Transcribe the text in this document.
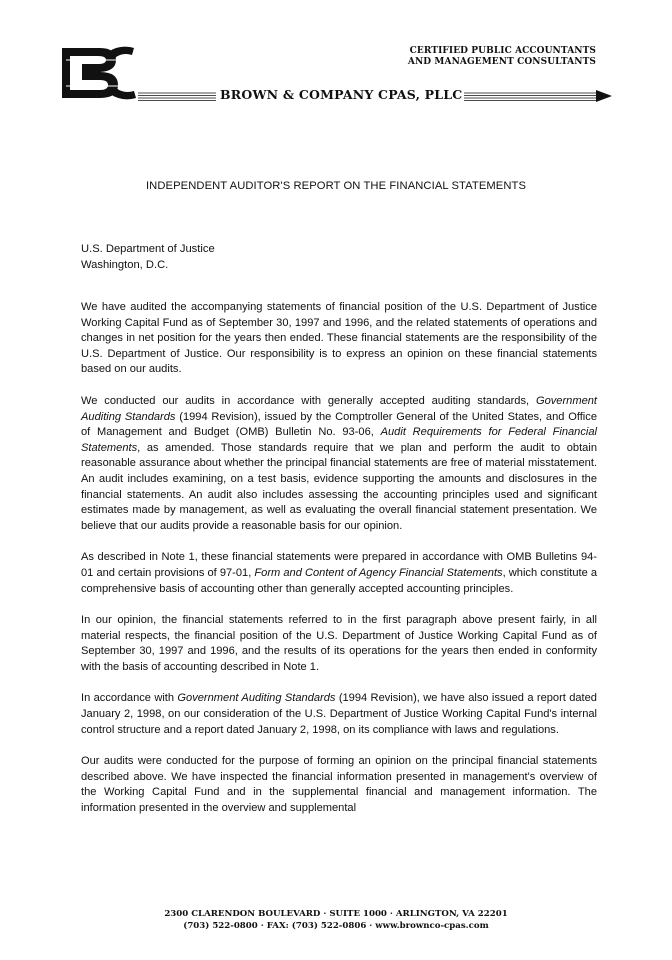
CERTIFIED PUBLIC ACCOUNTANTS
AND MANAGEMENT CONSULTANTS
BROWN & COMPANY CPAS, PLLC
INDEPENDENT AUDITOR'S REPORT ON THE FINANCIAL STATEMENTS
U.S. Department of Justice
Washington, D.C.

We have audited the accompanying statements of financial position of the U.S. Department of Justice Working Capital Fund as of September 30, 1997 and 1996, and the related statements of operations and changes in net position for the years then ended. These financial statements are the responsibility of the U.S. Department of Justice. Our responsibility is to express an opinion on these financial statements based on our audits.

We conducted our audits in accordance with generally accepted auditing standards, Government Auditing Standards (1994 Revision), issued by the Comptroller General of the United States, and Office of Management and Budget (OMB) Bulletin No. 93-06, Audit Requirements for Federal Financial Statements, as amended. Those standards require that we plan and perform the audit to obtain reasonable assurance about whether the principal financial statements are free of material misstatement. An audit includes examining, on a test basis, evidence supporting the amounts and disclosures in the financial statements. An audit also includes assessing the accounting principles used and significant estimates made by management, as well as evaluating the overall financial statement presentation. We believe that our audits provide a reasonable basis for our opinion.

As described in Note 1, these financial statements were prepared in accordance with OMB Bulletins 94-01 and certain provisions of 97-01, Form and Content of Agency Financial Statements, which constitute a comprehensive basis of accounting other than generally accepted accounting principles.

In our opinion, the financial statements referred to in the first paragraph above present fairly, in all material respects, the financial position of the U.S. Department of Justice Working Capital Fund as of September 30, 1997 and 1996, and the results of its operations for the years then ended in conformity with the basis of accounting described in Note 1.

In accordance with Government Auditing Standards (1994 Revision), we have also issued a report dated January 2, 1998, on our consideration of the U.S. Department of Justice Working Capital Fund's internal control structure and a report dated January 2, 1998, on its compliance with laws and regulations.

Our audits were conducted for the purpose of forming an opinion on the principal financial statements described above. We have inspected the financial information presented in management's overview of the Working Capital Fund and in the supplemental financial and management information. The information presented in the overview and supplemental

2300 CLARENDON BOULEVARD · SUITE 1000 · ARLINGTON, VA 22201
(703) 522-0800 · FAX: (703) 522-0806 · www.brownco-cpas.com
